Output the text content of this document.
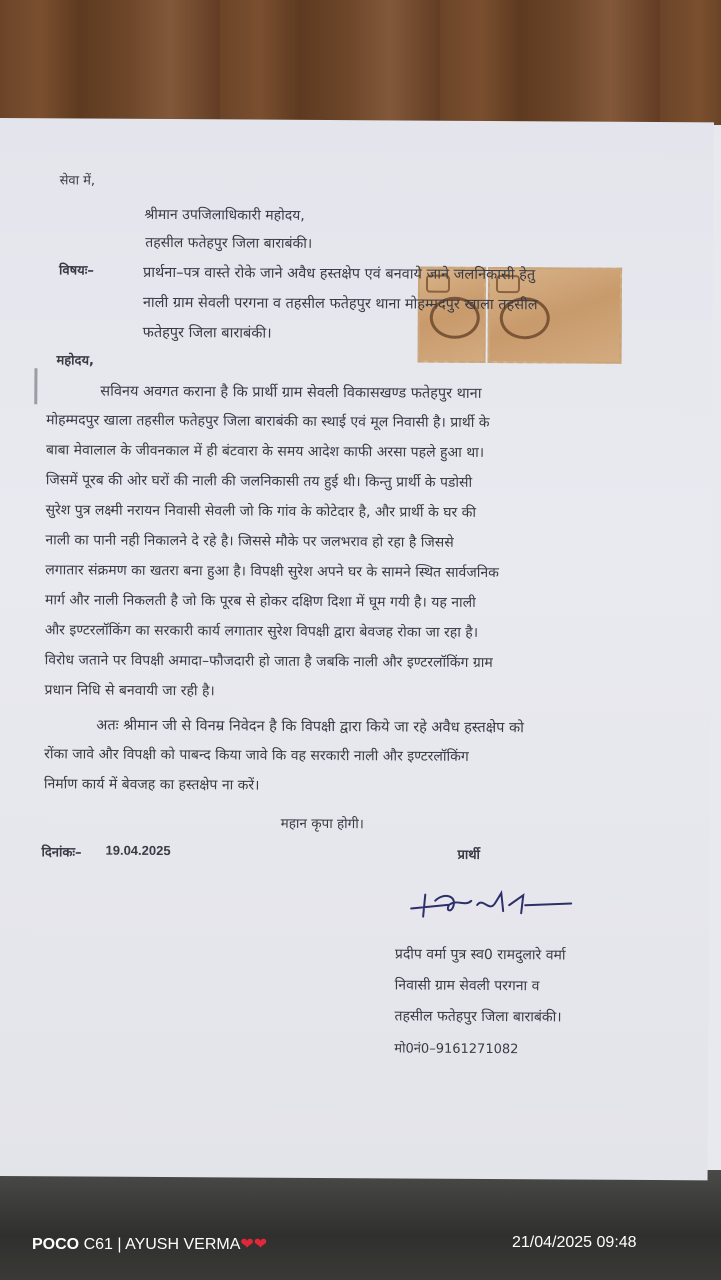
सेवा में,
श्रीमान उपजिलाधिकारी महोदय,
तहसील फतेहपुर जिला बाराबंकी।
विषयः–	प्रार्थना–पत्र वास्ते रोके जाने अवैध हस्तक्षेप एवं बनवाये जाने जलनिकासी हेतु
नाली ग्राम सेवली परगना व तहसील फतेहपुर थाना मोहम्मदपुर खाला तहसील
फतेहपुर जिला बाराबंकी।
महोदय,
सविनय अवगत कराना है कि प्रार्थी ग्राम सेवली विकासखण्ड फतेहपुर थाना
मोहम्मदपुर खाला तहसील फतेहपुर जिला बाराबंकी का स्थाई एवं मूल निवासी है। प्रार्थी के
बाबा मेवालाल के जीवनकाल में ही बंटवारा के समय आदेश काफी अरसा पहले हुआ था।
जिसमें पूरब की ओर घरों की नाली की जलनिकासी तय हुई थी। किन्तु प्रार्थी के पडोसी
सुरेश पुत्र लक्ष्मी नरायन निवासी सेवली जो कि गांव के कोटेदार है, और प्रार्थी के घर की
नाली का पानी नही निकालने दे रहे है। जिससे मौके पर जलभराव हो रहा है जिससे
लगातार संक्रमण का खतरा बना हुआ है। विपक्षी सुरेश अपने घर के सामने स्थित सार्वजनिक
मार्ग और नाली निकलती है जो कि पूरब से होकर दक्षिण दिशा में घूम गयी है। यह नाली
और इण्टरलॉकिंग का सरकारी कार्य लगातार सुरेश विपक्षी द्वारा बेवजह रोका जा रहा है।
विरोध जताने पर विपक्षी अमादा–फौजदारी हो जाता है जबकि नाली और इण्टरलॉकिंग ग्राम
प्रधान निधि से बनवायी जा रही है।
अतः श्रीमान जी से विनम्र निवेदन है कि विपक्षी द्वारा किये जा रहे अवैध हस्तक्षेप को
रोंका जावे और विपक्षी को पाबन्द किया जावे कि वह सरकारी नाली और इण्टरलॉकिंग
निर्माण कार्य में बेवजह का हस्तक्षेप ना करें।
महान कृपा होगी।
दिनांकः– 19.04.2025	प्रार्थी
प्रदीप वर्मा पुत्र स्व0 रामदुलारे वर्मा
निवासी ग्राम सेवली परगना व
तहसील फतेहपुर जिला बाराबंकी।
मो0नं0–9161271082
POCO C61 | AYUSH VERMA❤❤	21/04/2025 09:48
